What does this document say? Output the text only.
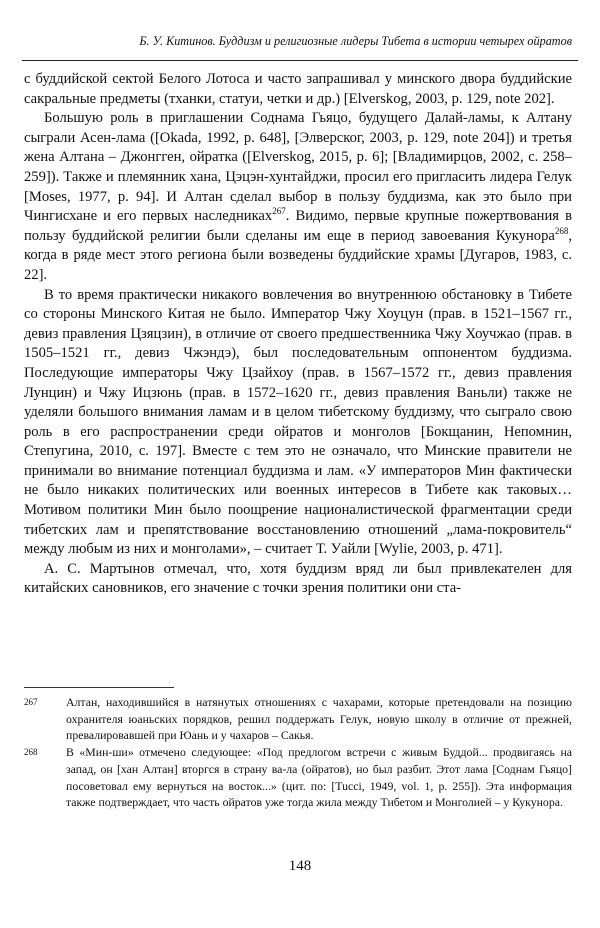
Б. У. Китинов. Буддизм и религиозные лидеры Тибета в истории четырех ойратов

с буддийской сектой Белого Лотоса и часто запрашивал у минского двора буддийские сакральные предметы (тханки, статуи, четки и др.) [Elverskog, 2003, p. 129, note 202].

Большую роль в приглашении Соднама Гьяцо, будущего Далай-ламы, к Алтану сыграли Асен-лама ([Okada, 1992, p. 648], [Элверског, 2003, p. 129, note 204]) и третья жена Алтана – Джонгген, ойратка ([Elverskog, 2015, p. 6]; [Владимирцов, 2002, с. 258–259]). Также и племянник хана, Цэцэн-хунтайджи, просил его пригласить лидера Гелук [Moses, 1977, p. 94]. И Алтан сделал выбор в пользу буддизма, как это было при Чингисхане и его первых наследниках$^{267}$. Видимо, первые крупные пожертвования в пользу буддийской религии были сделаны им еще в период завоевания Кукунора$^{268}$, когда в ряде мест этого региона были возведены буддийские храмы [Дугаров, 1983, с. 22].

В то время практически никакого вовлечения во внутреннюю обстановку в Тибете со стороны Минского Китая не было. Император Чжу Хоуцун (прав. в 1521–1567 гг., девиз правления Цзяцзин), в отличие от своего предшественника Чжу Хоучжао (прав. в 1505–1521 гг., девиз Чжэндэ), был последовательным оппонентом буддизма. Последующие императоры Чжу Цзайхоу (прав. в 1567–1572 гг., девиз правления Лунцин) и Чжу Ицзюнь (прав. в 1572–1620 гг., девиз правления Ваньли) также не уделяли большого внимания ламам и в целом тибетскому буддизму, что сыграло свою роль в его распространении среди ойратов и монголов [Бокщанин, Непомнин, Степугина, 2010, с. 197]. Вместе с тем это не означало, что Минские правители не принимали во внимание потенциал буддизма и лам. «У императоров Мин фактически не было никаких политических или военных интересов в Тибете как таковых… Мотивом политики Мин было поощрение националистической фрагментации среди тибетских лам и препятствование восстановлению отношений „лама-покровитель“ между любым из них и монголами», – считает Т. Уайли [Wylie, 2003, p. 471].

А. С. Мартынов отмечал, что, хотя буддизм вряд ли был привлекателен для китайских сановников, его значение с точки зрения политики они ста-

267 Алтан, находившийся в натянутых отношениях с чахарами, которые претендовали на позицию охранителя юаньских порядков, решил поддержать Гелук, новую школу в отличие от прежней, превалировавшей при Юань и у чахаров – Сакья.
268 В «Мин-ши» отмечено следующее: «Под предлогом встречи с живым Буддой... продвигаясь на запад, он [хан Алтан] вторгся в страну ва-ла (ойратов), но был разбит. Этот лама [Соднам Гьяцо] посоветовал ему вернуться на восток...» (цит. по: [Tucci, 1949, vol. 1, p. 255]). Эта информация также подтверждает, что часть ойратов уже тогда жила между Тибетом и Монголией – у Кукунора.
148
